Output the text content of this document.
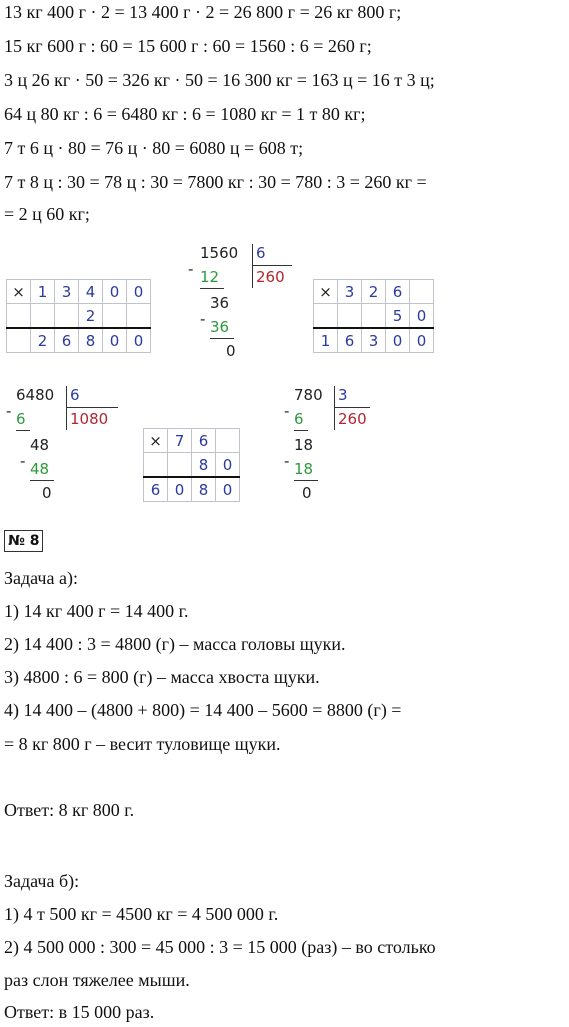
13 кг 400 г · 2 = 13 400 г · 2 = 26 800 г = 26 кг 800 г;
15 кг 600 г : 60 = 15 600 г : 60 = 1560 : 6 = 260 г;
3 ц 26 кг · 50 = 326 кг · 50 = 16 300 кг = 163 ц = 16 т 3 ц;
64 ц 80 кг : 6 = 6480 кг : 6 = 1080 кг = 1 т 80 кг;
7 т 6 ц · 80 = 76 ц · 80 = 6080 ц = 608 т;
7 т 8 ц : 30 = 78 ц : 30 = 7800 кг : 30 = 780 : 3 = 260 кг =
= 2 ц 60 кг;
×	1	3	4	0	0
			2		
	2	6	8	0	0
1560
-
6
260
12
36
- 36
0
×	3	2	6	
			5	0
1	6	3	0	0
6480
-
6
1080
6
48
- 48
0
×	7	6	
		8	0
6	0	8	0
780
-
3
260
6
18
- 18
0
№ 8
Задача а):
1) 14 кг 400 г = 14 400 г.
2) 14 400 : 3 = 4800 (г) – масса головы щуки.
3) 4800 : 6 = 800 (г) – масса хвоста щуки.
4) 14 400 – (4800 + 800) = 14 400 – 5600 = 8800 (г) =
= 8 кг 800 г – весит туловище щуки.
Ответ: 8 кг 800 г.
Задача б):
1) 4 т 500 кг = 4500 кг = 4 500 000 г.
2) 4 500 000 : 300 = 45 000 : 3 = 15 000 (раз) – во столько
раз слон тяжелее мыши.
Ответ: в 15 000 раз.
